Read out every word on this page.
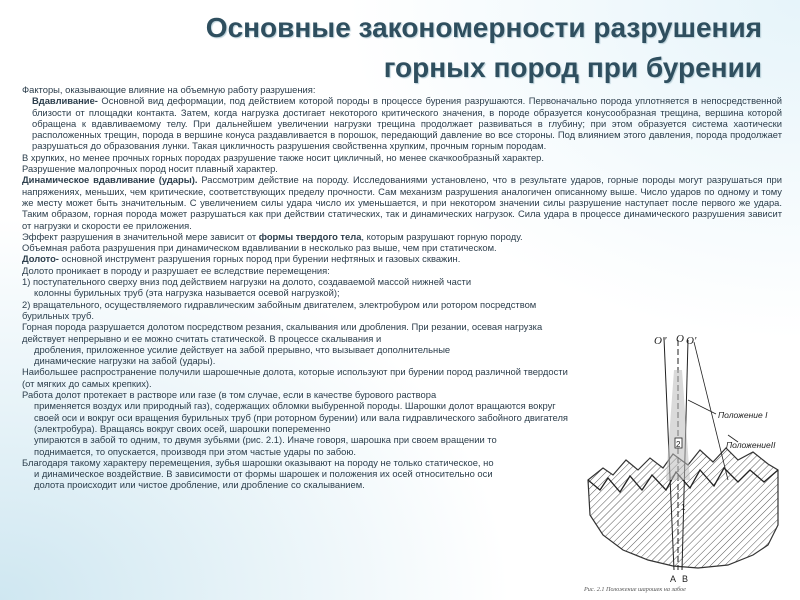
Основные закономерности разрушения
горных пород при бурении

Факторы, оказывающие влияние на объемную работу разрушения:

Вдавливание- Основной вид деформации, под действием которой породы в процессе бурения разрушаются. Первоначально порода уплотняется в непосредственной близости от площадки контакта. Затем, когда нагрузка достигает некоторого критического значения, в породе образуется конусообразная трещина, вершина которой обращена к вдавливаемому телу. При дальнейшем увеличении нагрузки трещина продолжает развиваться в глубину; при этом образуется система хаотически расположенных трещин, порода в вершине конуса раздавливается в порошок, передающий давление во все стороны. Под влиянием этого давления, порода продолжает разрушаться до образования лунки. Такая цикличность разрушения свойственна хрупким, прочным горным породам.

В хрупких, но менее прочных горных породах разрушение также носит цикличный, но менее скачкообразный характер.

Разрушение малопрочных пород носит плавный характер.

Динамическое вдавливание (удары). Рассмотрим действие на породу. Исследованиями установлено, что в результате ударов, горные породы могут разрушаться при напряжениях, меньших, чем критические, соответствующих пределу прочности. Сам механизм разрушения аналогичен описанному выше. Число ударов по одному и тому же месту может быть значительным. С увеличением силы удара число их уменьшается, и при некотором значении силы разрушение наступает после первого же удара. Таким образом, горная порода может разрушаться как при действии статических, так и динамических нагрузок. Сила удара в процессе динамического разрушения зависит от нагрузки и скорости ее приложения.

Эффект разрушения в значительной мере зависит от формы твердого тела, которым разрушают горную породу.

Объемная работа разрушения при динамическом вдавливании в несколько раз выше, чем при статическом.

Долото- основной инструмент разрушения горных пород при бурении нефтяных и газовых скважин.

Долото проникает в породу и разрушает ее вследствие перемещения:

1) поступательного сверху вниз под действием нагрузки на долото, создаваемой массой нижней части

колонны бурильных труб (эта нагрузка называется осевой нагрузкой);

2) вращательного, осуществляемого гидравлическим забойным двигателем, электробуром или ротором посредством бурильных труб.

Горная порода разрушается долотом посредством резания, скалывания или дробления. При резании, осевая нагрузка действует непрерывно и ее можно считать статической. В процессе скалывания и

дробления, приложенное усилие действует на забой прерывно, что вызывает дополнительные

динамические нагрузки на забой (удары).

Наибольшее распространение получили шарошечные долота, которые используют при бурении пород различной твердости (от мягких до самых крепких).

Работа долот протекает в растворе или газе (в том случае, если в качестве бурового раствора

применяется воздух или природный газ), содержащих обломки выбуренной породы. Шарошки долот вращаются вокруг своей оси и вокруг оси вращения бурильных труб (при роторном бурении) или вала гидравлического забойного двигателя (электробура). Вращаясь вокруг своих осей, шарошки попеременно

упираются в забой то одним, то двумя зубьями (рис. 2.1). Иначе говоря, шарошка при своем вращении то

поднимается, то опускается, производя при этом частые удары по забою.

Благодаря такому характеру перемещения, зубья шарошки оказывают на породу не только статическое, но

и динамическое воздействие. В зависимости от формы шарошек и положения их осей относительно оси

долота происходит или чистое дробление, или дробление со скалыванием.

O" O O'
Положение I
ПоложениеII
2
1
A B
Рис. 2.1 Положение шарошек на забое
